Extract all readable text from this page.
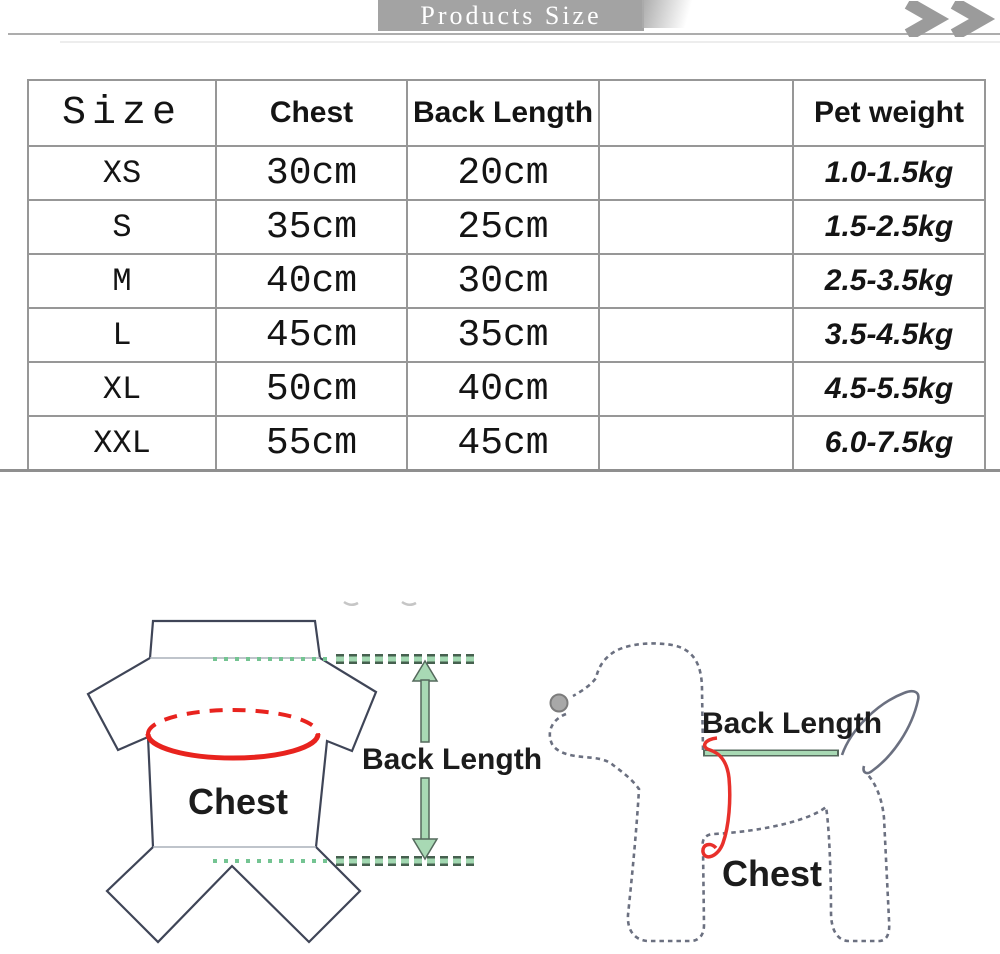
Products Size
Size	Chest	Back Length		Pet weight
XS	30cm	20cm		1.0-1.5kg
S	35cm	25cm		1.5-2.5kg
M	40cm	30cm		2.5-3.5kg
L	45cm	35cm		3.5-4.5kg
XL	50cm	40cm		4.5-5.5kg
XXL	55cm	45cm		6.0-7.5kg
Chest
Back Length
Back Length
Chest
